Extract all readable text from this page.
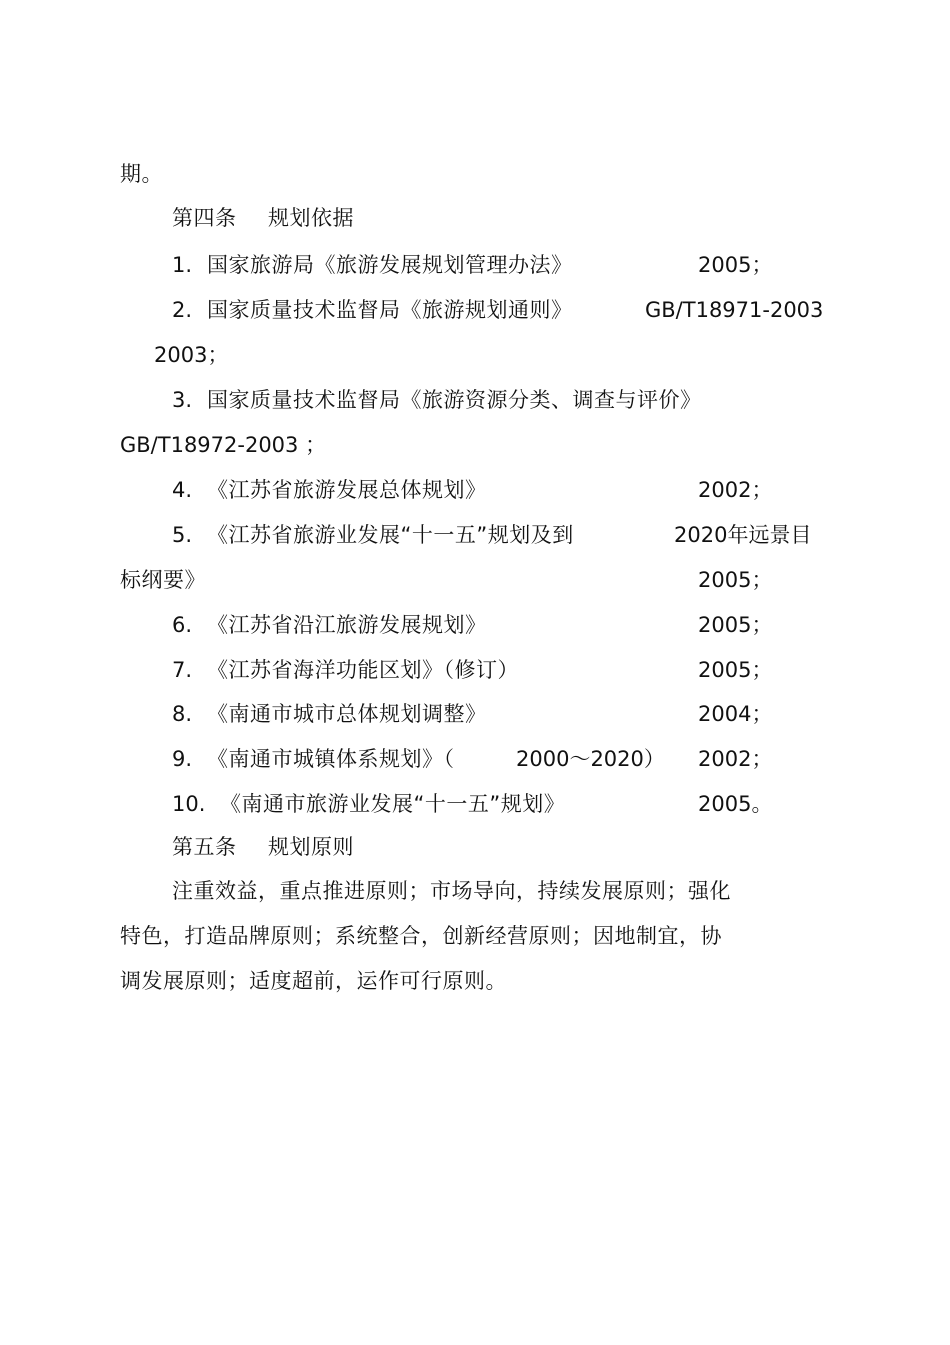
期。
第四条 规划依据
1. 国家旅游局《旅游发展规划管理办法》	2005；
2. 国家质量技术监督局《旅游规划通则》	GB/T18971-2003
2003；
3. 国家质量技术监督局《旅游资源分类、调查与评价》
GB/T18972-2003 ；
4. 《江苏省旅游发展总体规划》	2002；
5. 《江苏省旅游业发展“十一五”规划及到	2020年远景目
标纲要》	2005；
6. 《江苏省沿江旅游发展规划》	2005；
7. 《江苏省海洋功能区划》（修订）	2005；
8. 《南通市城市总体规划调整》	2004；
9. 《南通市城镇体系规划》（	2000～2020） 2002；
10. 《南通市旅游业发展“十一五”规划》	2005。
第五条 规划原则
注重效益，重点推进原则；市场导向，持续发展原则；强化
特色，打造品牌原则；系统整合，创新经营原则；因地制宜，协
调发展原则；适度超前，运作可行原则。
